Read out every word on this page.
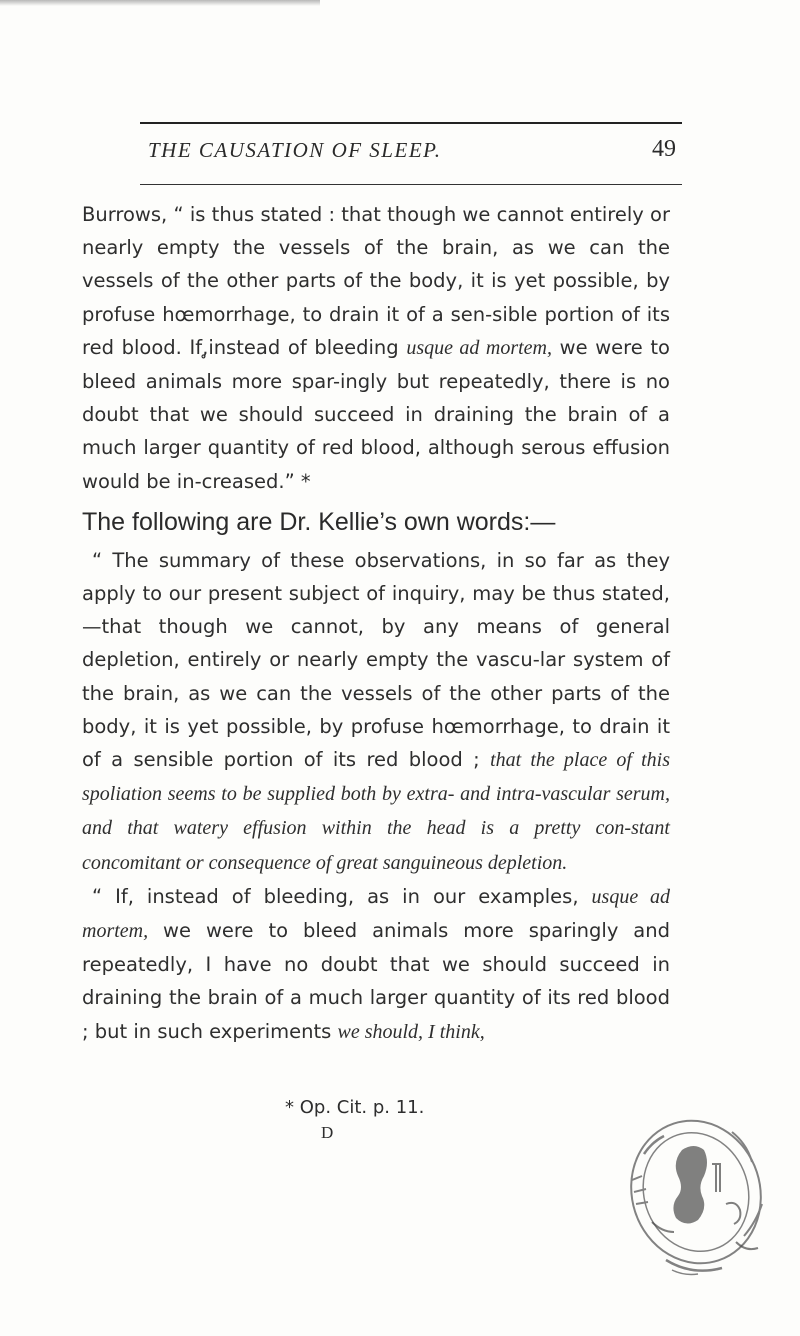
THE CAUSATION OF SLEEP.	49

Burrows, “ is thus stated : that though we cannot entirely or nearly empty the vessels of the brain, as we can the vessels of the other parts of the body, it is yet possible, by profuse hœmorrhage, to drain it of a sen-sible portion of its red blood. If,instead of bleeding usque ad mortem, we were to bleed animals more spar-ingly but repeatedly, there is no doubt that we should succeed in draining the brain of a much larger quantity of red blood, although serous effusion would be in-creased.” *

The following are Dr. Kellie’s own words:—

“ The summary of these observations, in so far as they apply to our present subject of inquiry, may be thus stated,—that though we cannot, by any means of general depletion, entirely or nearly empty the vascu-lar system of the brain, as we can the vessels of the other parts of the body, it is yet possible, by profuse hœmorrhage, to drain it of a sensible portion of its red blood ; that the place of this spoliation seems to be supplied both by extra- and intra-vascular serum, and that watery effusion within the head is a pretty con-stant concomitant or consequence of great sanguineous depletion.

“ If, instead of bleeding, as in our examples, usque ad mortem, we were to bleed animals more sparingly and repeatedly, I have no doubt that we should succeed in draining the brain of a much larger quantity of its red blood ; but in such experiments we should, I think,

* Op. Cit. p. 11.
D
